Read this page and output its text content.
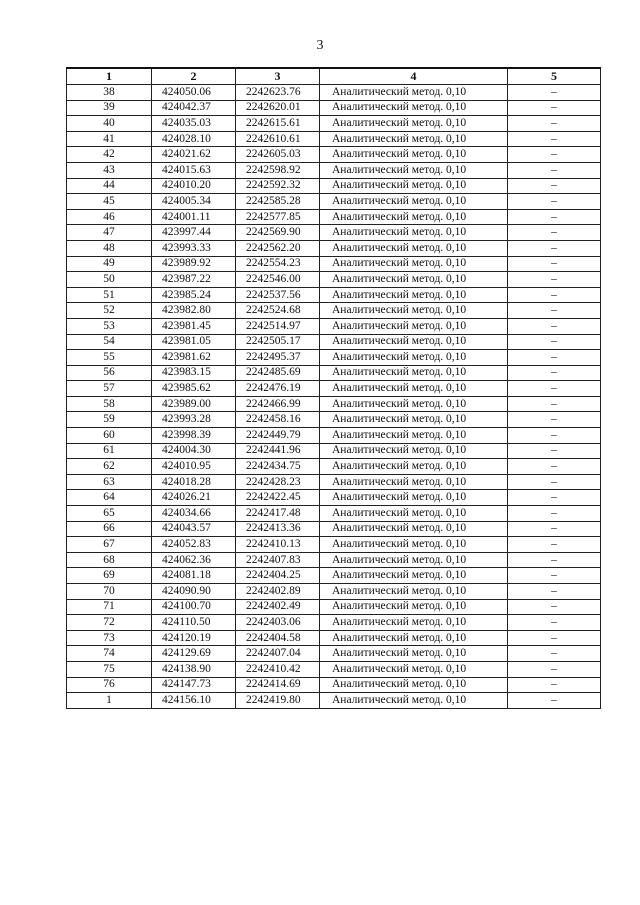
3
1	2	3	4	5
38	424050.06	2242623.76	Аналитический метод. 0,10	–
39	424042.37	2242620.01	Аналитический метод. 0,10	–
40	424035.03	2242615.61	Аналитический метод. 0,10	–
41	424028.10	2242610.61	Аналитический метод. 0,10	–
42	424021.62	2242605.03	Аналитический метод. 0,10	–
43	424015.63	2242598.92	Аналитический метод. 0,10	–
44	424010.20	2242592.32	Аналитический метод. 0,10	–
45	424005.34	2242585.28	Аналитический метод. 0,10	–
46	424001.11	2242577.85	Аналитический метод. 0,10	–
47	423997.44	2242569.90	Аналитический метод. 0,10	–
48	423993.33	2242562.20	Аналитический метод. 0,10	–
49	423989.92	2242554.23	Аналитический метод. 0,10	–
50	423987.22	2242546.00	Аналитический метод. 0,10	–
51	423985.24	2242537.56	Аналитический метод. 0,10	–
52	423982.80	2242524.68	Аналитический метод. 0,10	–
53	423981.45	2242514.97	Аналитический метод. 0,10	–
54	423981.05	2242505.17	Аналитический метод. 0,10	–
55	423981.62	2242495.37	Аналитический метод. 0,10	–
56	423983.15	2242485.69	Аналитический метод. 0,10	–
57	423985.62	2242476.19	Аналитический метод. 0,10	–
58	423989.00	2242466.99	Аналитический метод. 0,10	–
59	423993.28	2242458.16	Аналитический метод. 0,10	–
60	423998.39	2242449.79	Аналитический метод. 0,10	–
61	424004.30	2242441.96	Аналитический метод. 0,10	–
62	424010.95	2242434.75	Аналитический метод. 0,10	–
63	424018.28	2242428.23	Аналитический метод. 0,10	–
64	424026.21	2242422.45	Аналитический метод. 0,10	–
65	424034.66	2242417.48	Аналитический метод. 0,10	–
66	424043.57	2242413.36	Аналитический метод. 0,10	–
67	424052.83	2242410.13	Аналитический метод. 0,10	–
68	424062.36	2242407.83	Аналитический метод. 0,10	–
69	424081.18	2242404.25	Аналитический метод. 0,10	–
70	424090.90	2242402.89	Аналитический метод. 0,10	–
71	424100.70	2242402.49	Аналитический метод. 0,10	–
72	424110.50	2242403.06	Аналитический метод. 0,10	–
73	424120.19	2242404.58	Аналитический метод. 0,10	–
74	424129.69	2242407.04	Аналитический метод. 0,10	–
75	424138.90	2242410.42	Аналитический метод. 0,10	–
76	424147.73	2242414.69	Аналитический метод. 0,10	–
1	424156.10	2242419.80	Аналитический метод. 0,10	–
